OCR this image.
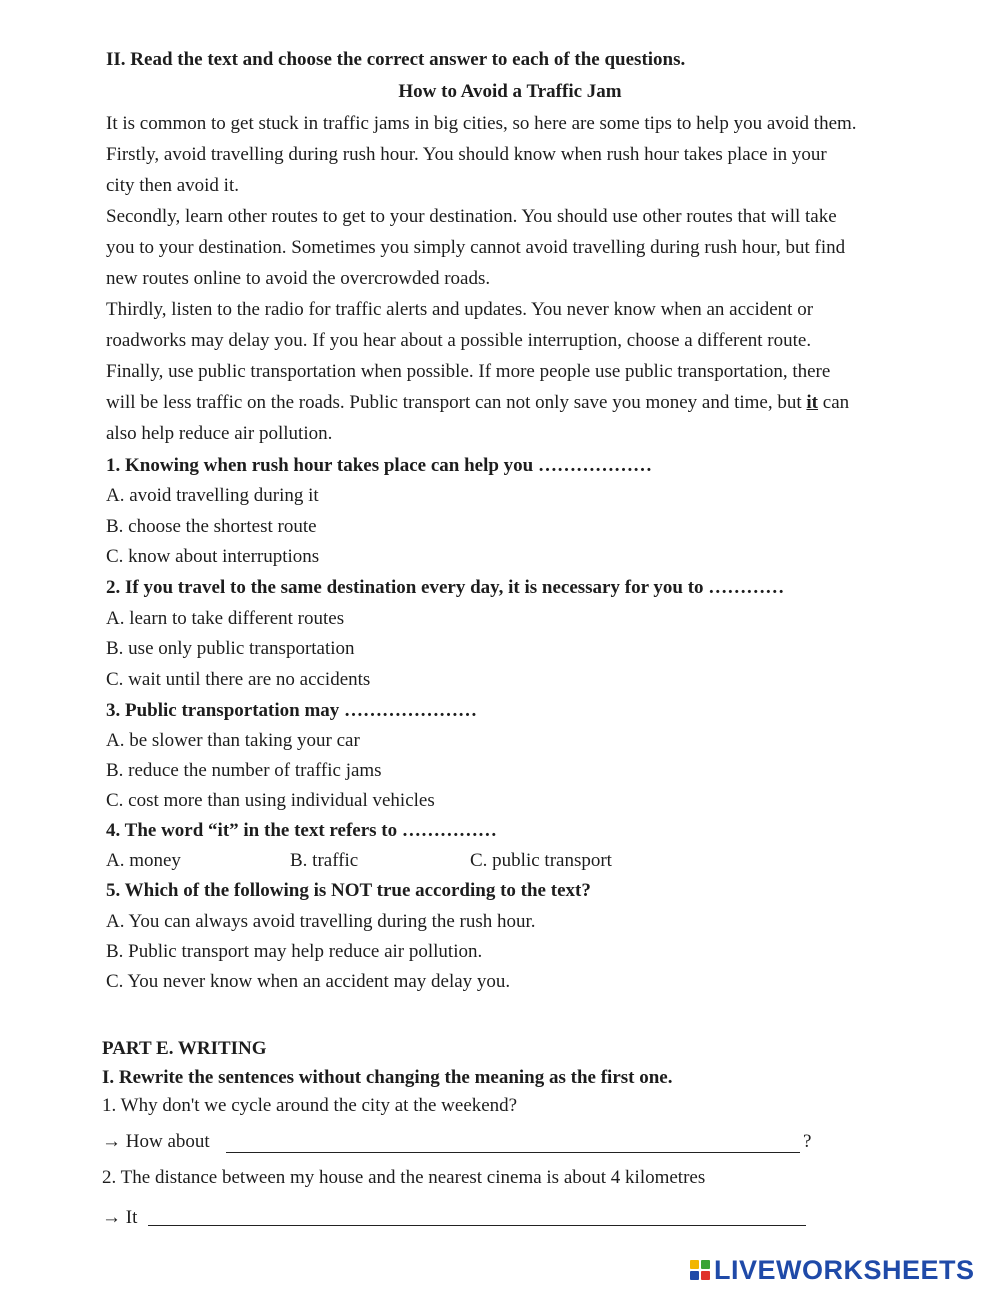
II. Read the text and choose the correct answer to each of the questions.
How to Avoid a Traffic Jam
It is common to get stuck in traffic jams in big cities, so here are some tips to help you avoid them.
Firstly, avoid travelling during rush hour. You should know when rush hour takes place in your
city then avoid it.
Secondly, learn other routes to get to your destination. You should use other routes that will take
you to your destination. Sometimes you simply cannot avoid travelling during rush hour, but find
new routes online to avoid the overcrowded roads.
Thirdly, listen to the radio for traffic alerts and updates. You never know when an accident or
roadworks may delay you. If you hear about a possible interruption, choose a different route.
Finally, use public transportation when possible. If more people use public transportation, there
will be less traffic on the roads. Public transport can not only save you money and time, but it can
also help reduce air pollution.
1. Knowing when rush hour takes place can help you ………………
A. avoid travelling during it
B. choose the shortest route
C. know about interruptions
2. If you travel to the same destination every day, it is necessary for you to …………
A. learn to take different routes
B. use only public transportation
C. wait until there are no accidents
3. Public transportation may …………………
A. be slower than taking your car
B. reduce the number of traffic jams
C. cost more than using individual vehicles
4. The word “it” in the text refers to ……………
A. money	B. traffic	C. public transport
5. Which of the following is NOT true according to the text?
A. You can always avoid travelling during the rush hour.
B. Public transport may help reduce air pollution.
C. You never know when an accident may delay you.
PART E. WRITING
I. Rewrite the sentences without changing the meaning as the first one.
1. Why don't we cycle around the city at the weekend?
→ How about	?
2. The distance between my house and the nearest cinema is about 4 kilometres
→ It
LIVEWORKSHEETS
